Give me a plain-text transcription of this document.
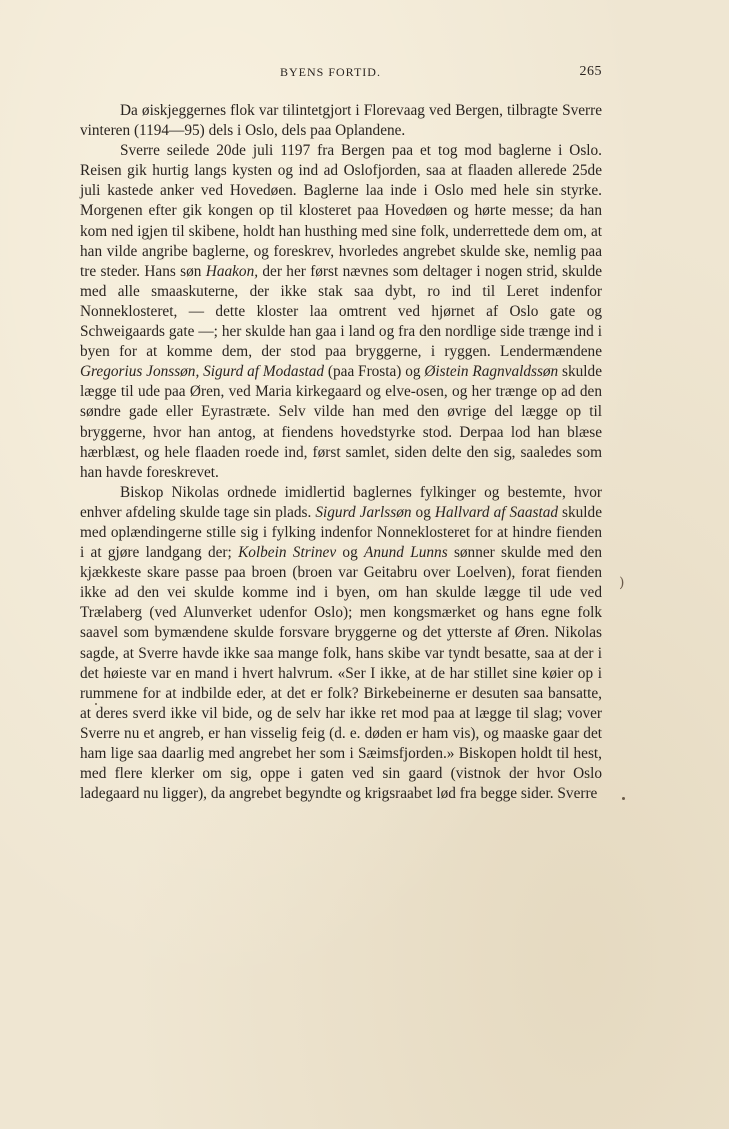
BYENS FORTID.	265

Da øiskjeggernes flok var tilintetgjort i Florevaag ved Bergen, tilbragte Sverre vinteren (1194—95) dels i Oslo, dels paa Oplandene.

Sverre seilede 20de juli 1197 fra Bergen paa et tog mod baglerne i Oslo. Reisen gik hurtig langs kysten og ind ad Oslofjorden, saa at flaaden allerede 25de juli kastede anker ved Hovedøen. Baglerne laa inde i Oslo med hele sin styrke. Morgenen efter gik kongen op til klosteret paa Hovedøen og hørte messe; da han kom ned igjen til skibene, holdt han husthing med sine folk, underrettede dem om, at han vilde angribe baglerne, og foreskrev, hvorledes angrebet skulde ske, nemlig paa tre steder. Hans søn Haakon, der her først nævnes som deltager i nogen strid, skulde med alle smaaskuterne, der ikke stak saa dybt, ro ind til Leret indenfor Nonneklosteret, — dette kloster laa omtrent ved hjørnet af Oslo gate og Schweigaards gate —; her skulde han gaa i land og fra den nordlige side trænge ind i byen for at komme dem, der stod paa bryggerne, i ryggen. Lendermændene Gregorius Jonssøn, Sigurd af Modastad (paa Frosta) og Øistein Ragnvaldssøn skulde lægge til ude paa Øren, ved Maria kirkegaard og elve-osen, og her trænge op ad den søndre gade eller Eyrastræte. Selv vilde han med den øvrige del lægge op til bryggerne, hvor han antog, at fiendens hovedstyrke stod. Derpaa lod han blæse hærblæst, og hele flaaden roede ind, først samlet, siden delte den sig, saaledes som han havde foreskrevet.

Biskop Nikolas ordnede imidlertid baglernes fylkinger og bestemte, hvor enhver afdeling skulde tage sin plads. Sigurd Jarlssøn og Hallvard af Saastad skulde med oplændingerne stille sig i fylking indenfor Nonneklosteret for at hindre fienden i at gjøre landgang der; Kolbein Strinev og Anund Lunns sønner skulde med den kjækkeste skare passe paa broen (broen var Geitabru over Loelven), forat fienden ikke ad den vei skulde komme ind i byen, om han skulde lægge til ude ved Trælaberg (ved Alunverket udenfor Oslo); men kongsmærket og hans egne folk saavel som bymændene skulde forsvare bryggerne og det ytterste af Øren. Nikolas sagde, at Sverre havde ikke saa mange folk, hans skibe var tyndt besatte, saa at der i det høieste var en mand i hvert halvrum. «Ser I ikke, at de har stillet sine køier op i rummene for at indbilde eder, at det er folk? Birkebeinerne er desuten saa bansatte, at deres sverd ikke vil bide, og de selv har ikke ret mod paa at lægge til slag; vover Sverre nu et angreb, er han visselig feig (d. e. døden er ham vis), og maaske gaar det ham lige saa daarlig med angrebet her som i Sæimsfjorden.» Biskopen holdt til hest, med flere klerker om sig, oppe i gaten ved sin gaard (vistnok der hvor Oslo ladegaard nu ligger), da angrebet begyndte og krigsraabet lød fra begge sider. Sverre

)
